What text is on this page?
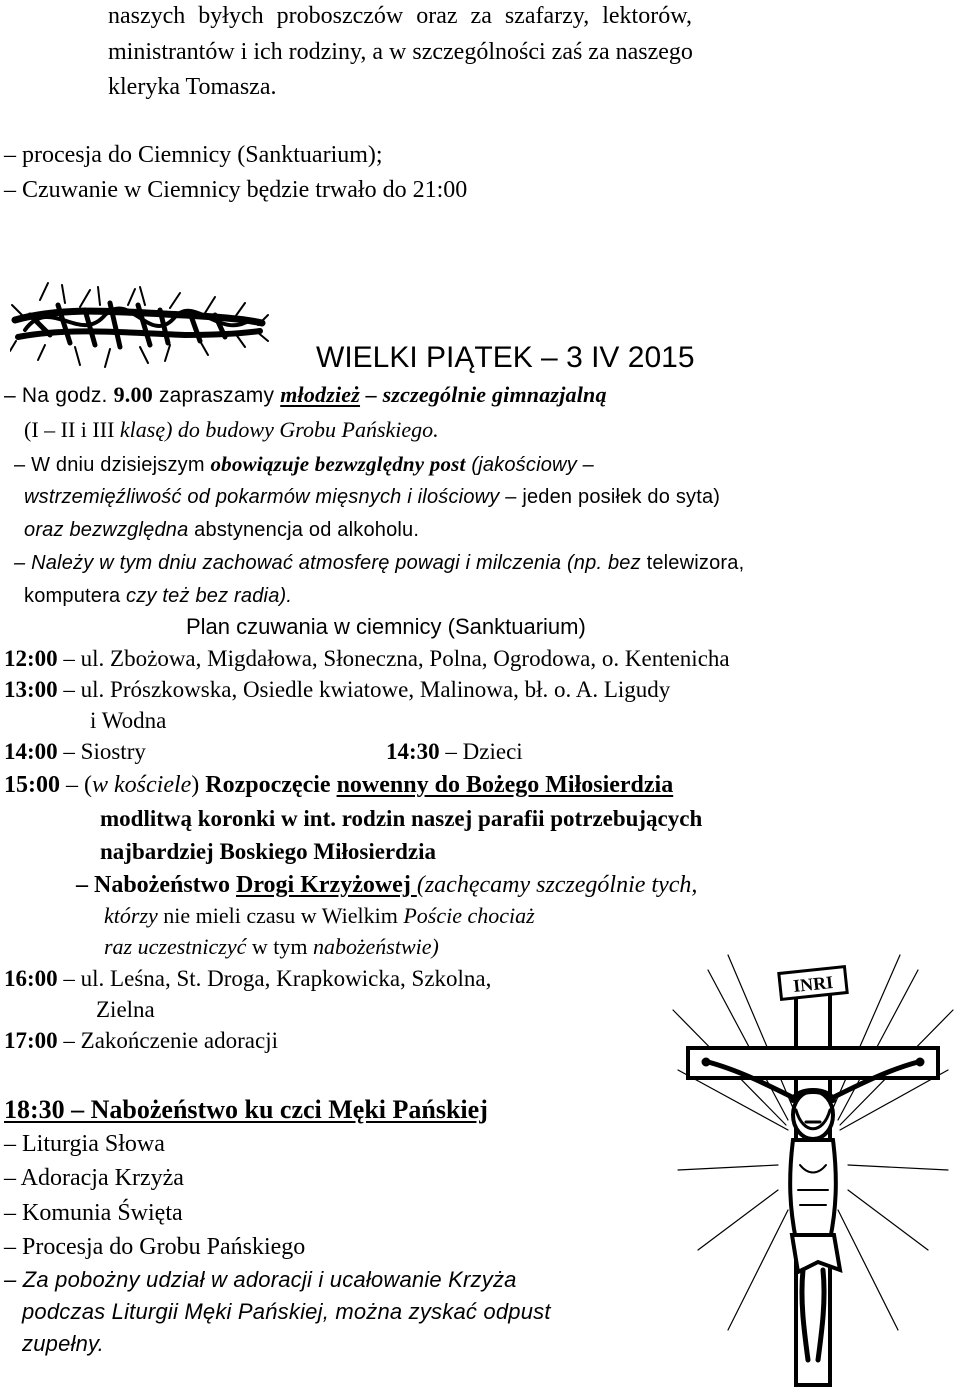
naszych byłych proboszczów oraz za szafarzy, lektorów,
ministrantów i ich rodziny, a w szczególności zaś za naszego
kleryka Tomasza.
– procesja do Ciemnicy (Sanktuarium);
– Czuwanie w Ciemnicy będzie trwało do 21:00
WIELKI PIĄTEK – 3 IV 2015
– Na godz. 9.00 zapraszamy młodzież – szczególnie gimnazjalną
(I – II i III klasę) do budowy Grobu Pańskiego.
– W dniu dzisiejszym obowiązuje bezwzględny post (jakościowy –
wstrzemięźliwość od pokarmów mięsnych i ilościowy – jeden posiłek do syta)
oraz bezwzględna abstynencja od alkoholu.
– Należy w tym dniu zachować atmosferę powagi i milczenia (np. bez telewizora,
komputera czy też bez radia).
Plan czuwania w ciemnicy (Sanktuarium)
12:00 – ul. Zbożowa, Migdałowa, Słoneczna, Polna, Ogrodowa, o. Kentenicha
13:00 – ul. Prószkowska, Osiedle kwiatowe, Malinowa, bł. o. A. Ligudy
i Wodna
14:00 – Siostry	14:30 – Dzieci
15:00 – (w kościele) Rozpoczęcie nowenny do Bożego Miłosierdzia
modlitwą koronki w int. rodzin naszej parafii potrzebujących
najbardziej Boskiego Miłosierdzia
– Nabożeństwo Drogi Krzyżowej (zachęcamy szczególnie tych,
którzy nie mieli czasu w Wielkim Poście chociaż
raz uczestniczyć w tym nabożeństwie)
16:00 – ul. Leśna, St. Droga, Krapkowicka, Szkolna,
Zielna
17:00 – Zakończenie adoracji
18:30 – Nabożeństwo ku czci Męki Pańskiej
– Liturgia Słowa
– Adoracja Krzyża
– Komunia Święta
– Procesja do Grobu Pańskiego
– Za pobożny udział w adoracji i ucałowanie Krzyża
podczas Liturgii Męki Pańskiej, można zyskać odpust
zupełny.
INRI
